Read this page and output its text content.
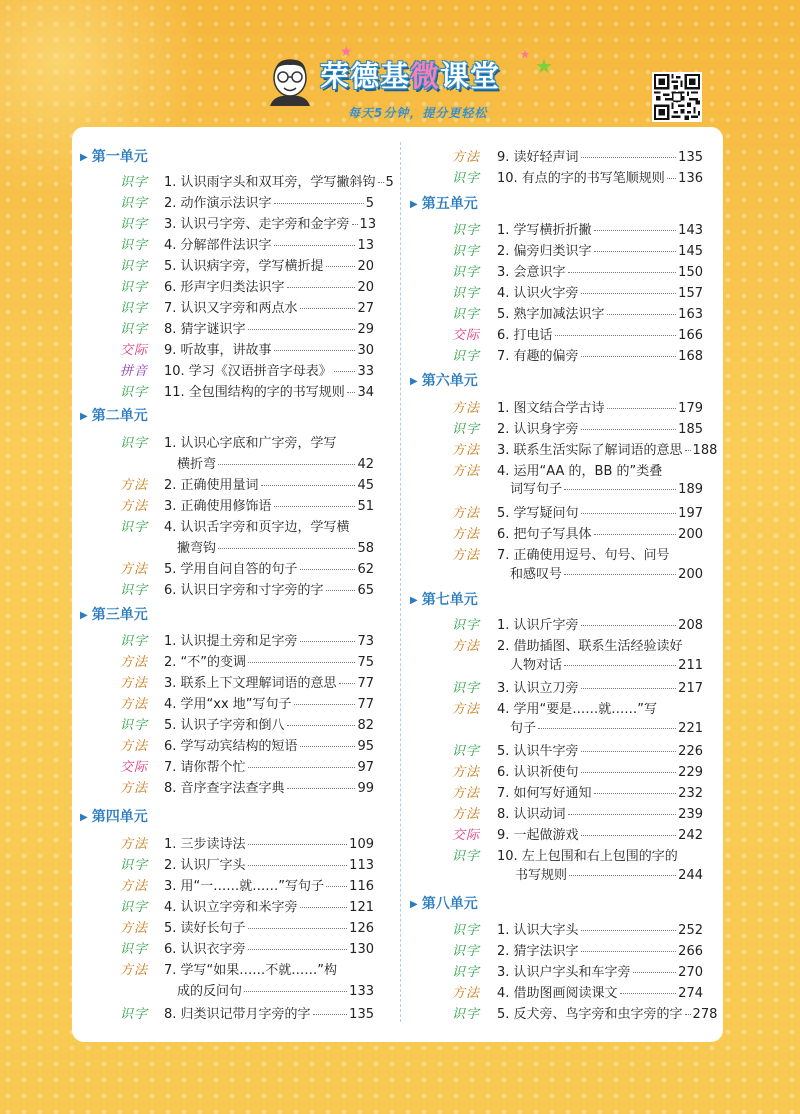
荣德基微课堂
★
★
★
每天5分钟，提分更轻松
▶ 第一单元
识字 1. 认识雨字头和双耳旁，学写撇斜钩 5
识字 2. 动作演示法识字	5
识字 3. 认识弓字旁、走字旁和金字旁 13
识字 4. 分解部件法识字	13
识字 5. 认识病字旁，学写横折提	20
识字 6. 形声字归类法识字	20
识字 7. 认识又字旁和两点水	27
识字 8. 猜字谜识字	29
交际 9. 听故事，讲故事	30
拼音 10. 学习《汉语拼音字母表》 33
识字 11. 全包围结构的字的书写规则 34
▶ 第二单元
识字 1. 认识心字底和广字旁，学写
横折弯	42
方法 2. 正确使用量词	45
方法 3. 正确使用修饰语	51
识字 4. 认识舌字旁和页字边，学写横
撇弯钩	58
方法 5. 学用自问自答的句子	62
识字 6. 认识日字旁和寸字旁的字	65
▶ 第三单元
识字 1. 认识提土旁和足字旁	73
方法 2. “不”的变调	75
方法 3. 联系上下文理解词语的意思 77
方法 4. 学用“xx 地”写句子	77
识字 5. 认识子字旁和倒八	82
方法 6. 学写动宾结构的短语	95
交际 7. 请你帮个忙	97
方法 8. 音序查字法查字典	99
▶ 第四单元
方法 1. 三步读诗法	109
识字 2. 认识厂字头	113
方法 3. 用“一……就……”写句子 116
识字 4. 认识立字旁和米字旁	121
方法 5. 读好长句子	126
识字 6. 认识衣字旁	130
方法 7. 学写“如果……不就……”构
成的反问句	133
识字 8. 归类识记带月字旁的字	135
方法 9. 读好轻声词	135
识字 10. 有点的字的书写笔顺规则 136
▶ 第五单元
识字 1. 学写横折折撇	143
识字 2. 偏旁归类识字	145
识字 3. 会意识字	150
识字 4. 认识火字旁	157
识字 5. 熟字加减法识字	163
交际 6. 打电话	166
识字 7. 有趣的偏旁	168
▶ 第六单元
方法 1. 图文结合学古诗	179
识字 2. 认识身字旁	185
方法 3. 联系生活实际了解词语的意思 188
方法 4. 运用“AA 的，BB 的”类叠
词写句子	189
方法 5. 学写疑问句	197
方法 6. 把句子写具体	200
方法 7. 正确使用逗号、句号、问号
和感叹号	200
▶ 第七单元
识字 1. 认识斤字旁	208
方法 2. 借助插图、联系生活经验读好
人物对话	211
识字 3. 认识立刀旁	217
方法 4. 学用“要是……就……”写
句子	221
识字 5. 认识牛字旁	226
方法 6. 认识祈使句	229
方法 7. 如何写好通知	232
方法 8. 认识动词	239
交际 9. 一起做游戏	242
识字 10. 左上包围和右上包围的字的
书写规则	244
▶ 第八单元
识字 1. 认识大字头	252
识字 2. 猜字法识字	266
识字 3. 认识户字头和车字旁	270
方法 4. 借助图画阅读课文	274
识字 5. 反犬旁、鸟字旁和虫字旁的字 278
